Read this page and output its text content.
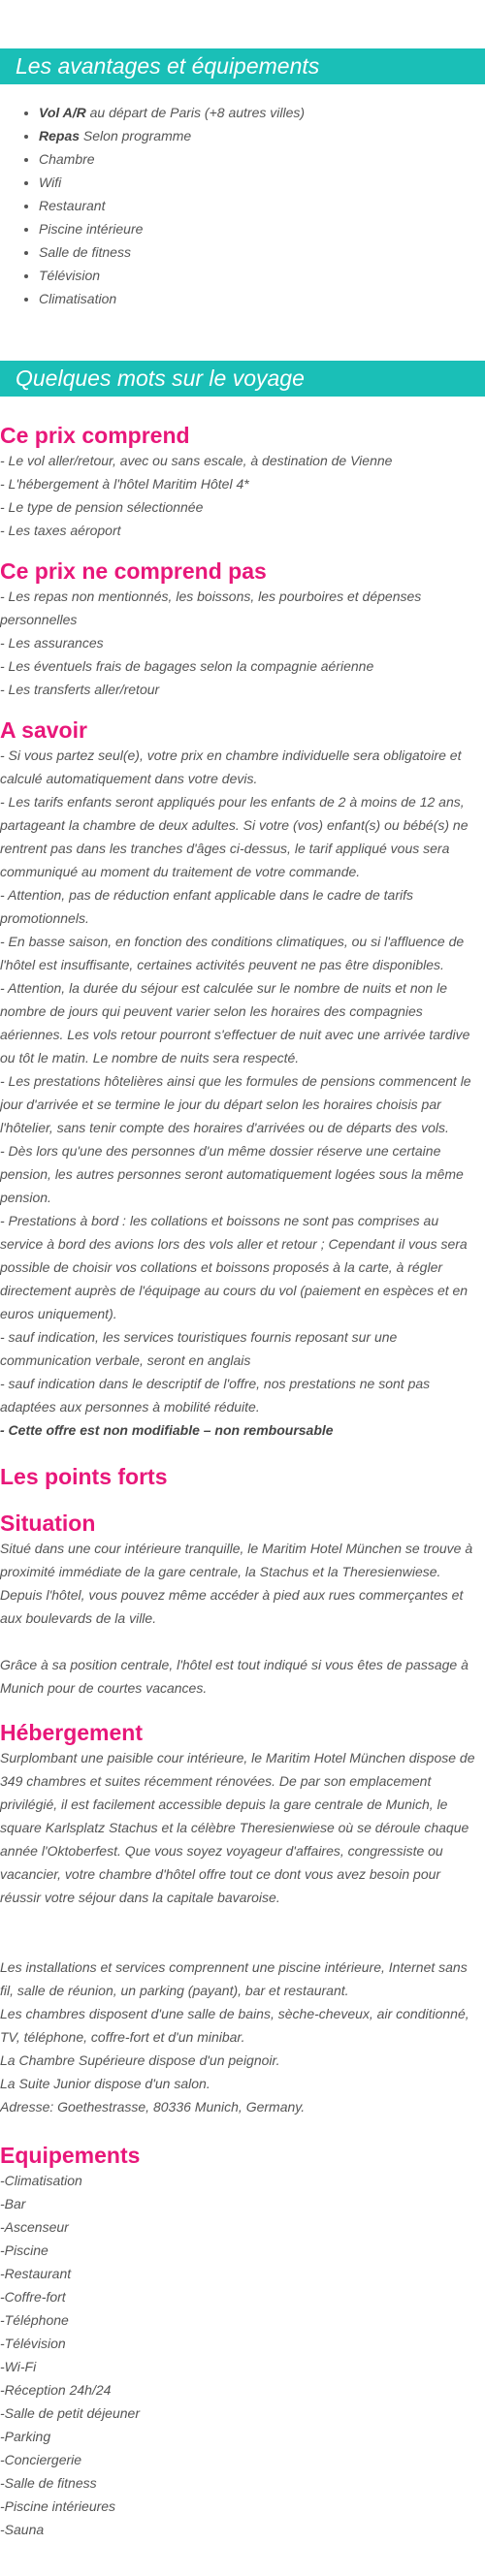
Les avantages et équipements
• Vol A/R au départ de Paris (+8 autres villes)
• Repas Selon programme
• Chambre
• Wifi
• Restaurant
• Piscine intérieure
• Salle de fitness
• Télévision
• Climatisation
Quelques mots sur le voyage
Ce prix comprend

- Le vol aller/retour, avec ou sans escale, à destination de Vienne

- L'hébergement à l'hôtel Maritim Hôtel 4*

- Le type de pension sélectionnée

- Les taxes aéroport

Ce prix ne comprend pas

- Les repas non mentionnés, les boissons, les pourboires et dépenses personnelles

- Les assurances

- Les éventuels frais de bagages selon la compagnie aérienne

- Les transferts aller/retour

A savoir

- Si vous partez seul(e), votre prix en chambre individuelle sera obligatoire et calculé automatiquement dans votre devis.

- Les tarifs enfants seront appliqués pour les enfants de 2 à moins de 12 ans, partageant la chambre de deux adultes. Si votre (vos) enfant(s) ou bébé(s) ne rentrent pas dans les tranches d'âges ci-dessus, le tarif appliqué vous sera communiqué au moment du traitement de votre commande.

- Attention, pas de réduction enfant applicable dans le cadre de tarifs promotionnels.

- En basse saison, en fonction des conditions climatiques, ou si l'affluence de l'hôtel est insuffisante, certaines activités peuvent ne pas être disponibles.

- Attention, la durée du séjour est calculée sur le nombre de nuits et non le nombre de jours qui peuvent varier selon les horaires des compagnies aériennes. Les vols retour pourront s'effectuer de nuit avec une arrivée tardive ou tôt le matin. Le nombre de nuits sera respecté.

- Les prestations hôtelières ainsi que les formules de pensions commencent le jour d'arrivée et se termine le jour du départ selon les horaires choisis par l'hôtelier, sans tenir compte des horaires d'arrivées ou de départs des vols.

- Dès lors qu'une des personnes d'un même dossier réserve une certaine pension, les autres personnes seront automatiquement logées sous la même pension.

- Prestations à bord : les collations et boissons ne sont pas comprises au service à bord des avions lors des vols aller et retour ; Cependant il vous sera possible de choisir vos collations et boissons proposés à la carte, à régler directement auprès de l'équipage au cours du vol (paiement en espèces et en euros uniquement).

- sauf indication, les services touristiques fournis reposant sur une communication verbale, seront en anglais

- sauf indication dans le descriptif de l'offre, nos prestations ne sont pas adaptées aux personnes à mobilité réduite.

- Cette offre est non modifiable – non remboursable

Les points forts
Situation

Situé dans une cour intérieure tranquille, le Maritim Hotel München se trouve à proximité immédiate de la gare centrale, la Stachus et la Theresienwiese. Depuis l'hôtel, vous pouvez même accéder à pied aux rues commerçantes et aux boulevards de la ville.

Grâce à sa position centrale, l'hôtel est tout indiqué si vous êtes de passage à Munich pour de courtes vacances.

Hébergement

Surplombant une paisible cour intérieure, le Maritim Hotel München dispose de 349 chambres et suites récemment rénovées. De par son emplacement privilégié, il est facilement accessible depuis la gare centrale de Munich, le square Karlsplatz Stachus et la célèbre Theresienwiese où se déroule chaque année l'Oktoberfest. Que vous soyez voyageur d'affaires, congressiste ou vacancier, votre chambre d'hôtel offre tout ce dont vous avez besoin pour réussir votre séjour dans la capitale bavaroise.

Les installations et services comprennent une piscine intérieure, Internet sans fil, salle de réunion, un parking (payant), bar et restaurant.

Les chambres disposent d'une salle de bains, sèche-cheveux, air conditionné, TV, téléphone, coffre-fort et d'un minibar.

La Chambre Supérieure dispose d'un peignoir.

La Suite Junior dispose d'un salon.

Adresse: Goethestrasse, 80336 Munich, Germany.

Equipements

-Climatisation

-Bar

-Ascenseur

-Piscine

-Restaurant

-Coffre-fort

-Téléphone

-Télévision

-Wi-Fi

-Réception 24h/24

-Salle de petit déjeuner

-Parking

-Conciergerie

-Salle de fitness

-Piscine intérieures

-Sauna
